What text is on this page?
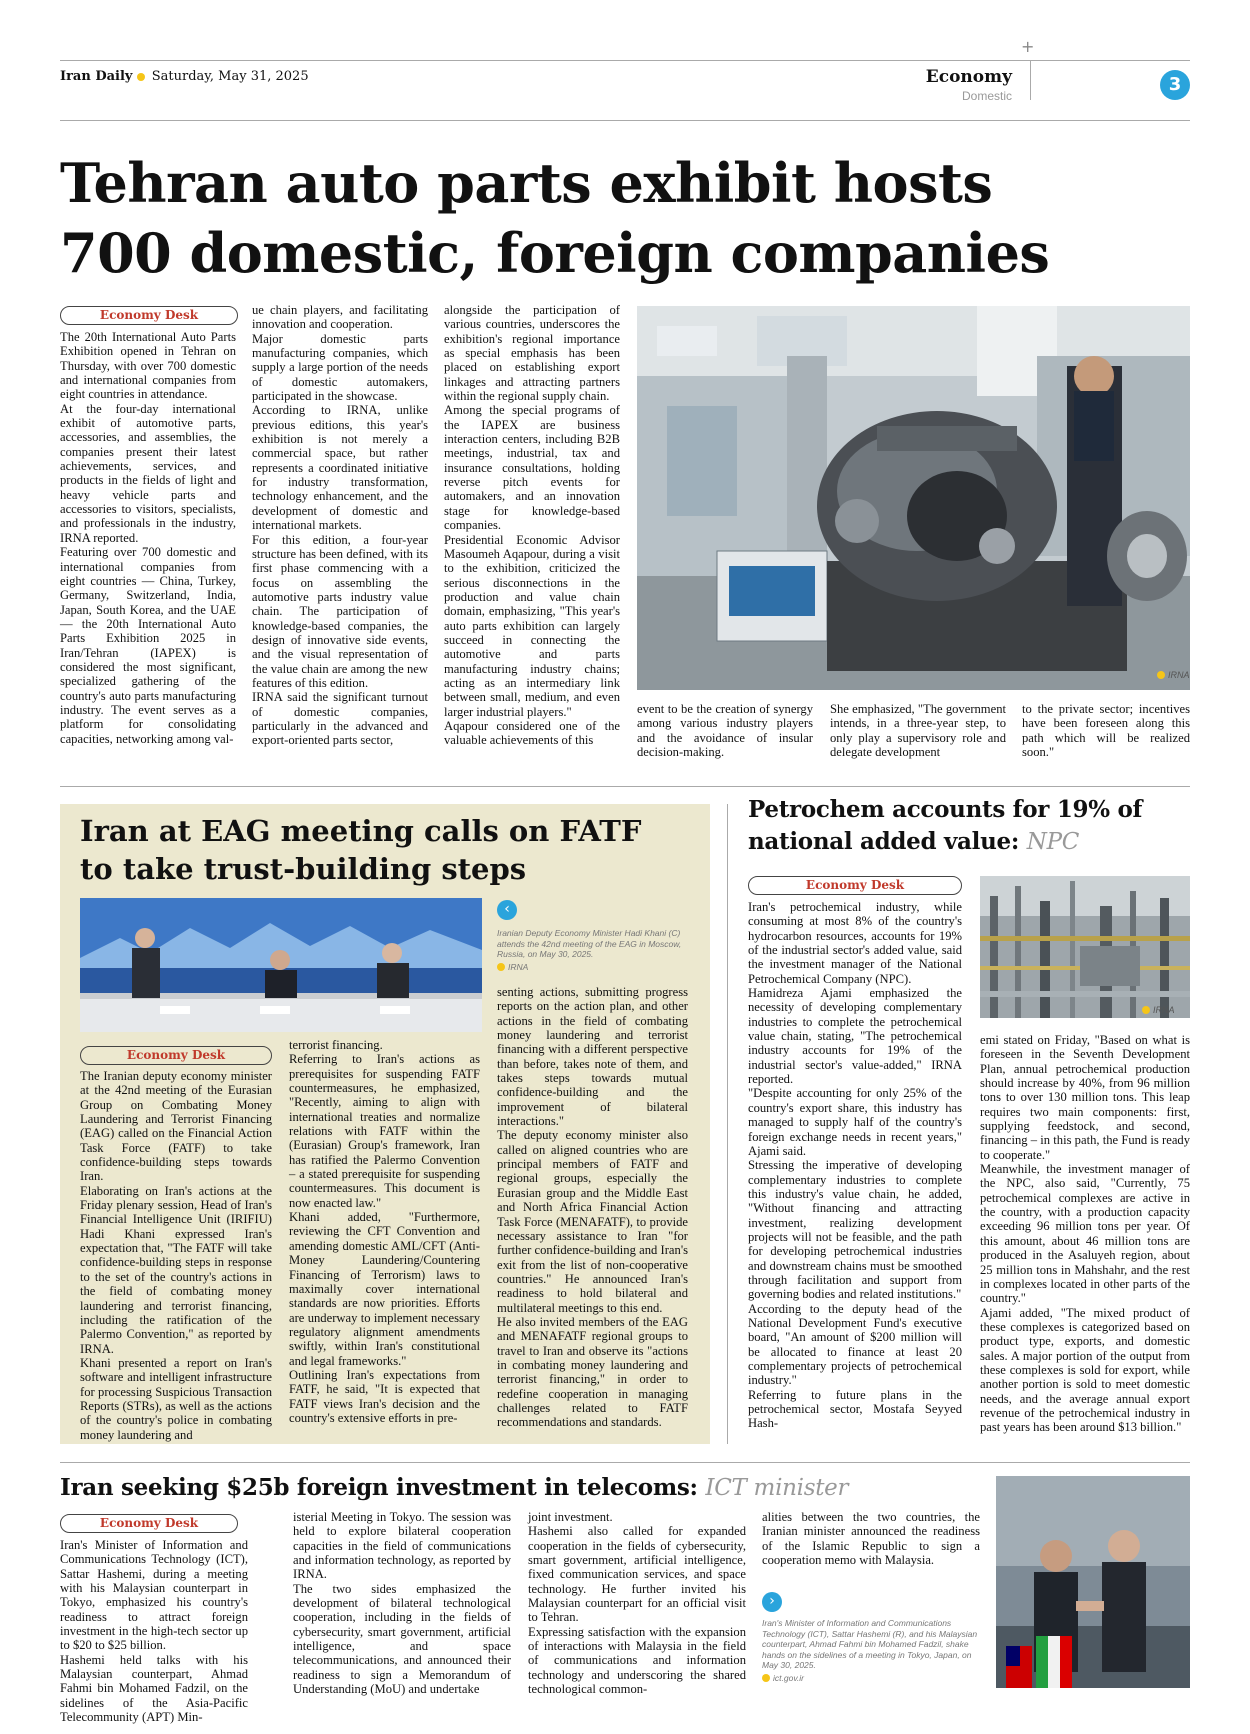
+
Iran Daily Saturday, May 31, 2025	Economy
Domestic
3
Tehran auto parts exhibit hosts
700 domestic, foreign companies
Economy Desk
The 20th International Auto Parts Exhibition opened in Tehran on Thursday, with over 700 domestic and international companies from eight countries in attendance.
At the four-day international exhibit of automotive parts, accessories, and assemblies, the companies present their latest achievements, services, and products in the fields of light and heavy vehicle parts and accessories to visitors, specialists, and professionals in the industry, IRNA reported.
Featuring over 700 domestic and international companies from eight countries — China, Turkey, Germany, Switzerland, India, Japan, South Korea, and the UAE — the 20th International Auto Parts Exhibition 2025 in Iran/Tehran (IAPEX) is considered the most significant, specialized gathering of the country's auto parts manufacturing industry. The event serves as a platform for consolidating capacities, networking among val-
ue chain players, and facilitating innovation and cooperation.
Major domestic parts manufacturing companies, which supply a large portion of the needs of domestic automakers, participated in the showcase.
According to IRNA, unlike previous editions, this year's exhibition is not merely a commercial space, but rather represents a coordinated initiative for industry transformation, technology enhancement, and the development of domestic and international markets.
For this edition, a four-year structure has been defined, with its first phase commencing with a focus on assembling the automotive parts industry value chain. The participation of knowledge-based companies, the design of innovative side events, and the visual representation of the value chain are among the new features of this edition.
IRNA said the significant turnout of domestic companies, particularly in the advanced and export-oriented parts sector,
alongside the participation of various countries, underscores the exhibition's regional importance as special emphasis has been placed on establishing export linkages and attracting partners within the regional supply chain.
Among the special programs of the IAPEX are business interaction centers, including B2B meetings, industrial, tax and insurance consultations, holding reverse pitch events for automakers, and an innovation stage for knowledge-based companies.
Presidential Economic Advisor Masoumeh Aqapour, during a visit to the exhibition, criticized the serious disconnections in the production and value chain domain, emphasizing, "This year's auto parts exhibition can largely succeed in connecting the automotive and parts manufacturing industry chains; acting as an intermediary link between small, medium, and even larger industrial players."
Aqapour considered one of the valuable achievements of this
IRNA
event to be the creation of synergy among various industry players and the avoidance of insular decision-making.
She emphasized, "The government intends, in a three-year step, to only play a supervisory role and delegate development
to the private sector; incentives have been foreseen along this path which will be realized soon."
Iran at EAG meeting calls on FATF
to take trust-building steps
‹
Iranian Deputy Economy Minister Hadi Khani (C) attends the 42nd meeting of the EAG in Moscow, Russia, on May 30, 2025.
IRNA
Economy Desk
The Iranian deputy economy minister at the 42nd meeting of the Eurasian Group on Combating Money Laundering and Terrorist Financing (EAG) called on the Financial Action Task Force (FATF) to take confidence-building steps towards Iran.
Elaborating on Iran's actions at the Friday plenary session, Head of Iran's Financial Intelligence Unit (IRIFIU) Hadi Khani expressed Iran's expectation that, "The FATF will take confidence-building steps in response to the set of the country's actions in the field of combating money laundering and terrorist financing, including the ratification of the Palermo Convention," as reported by IRNA.
Khani presented a report on Iran's software and intelligent infrastructure for processing Suspicious Transaction Reports (STRs), as well as the actions of the country's police in combating money laundering and
terrorist financing.
Referring to Iran's actions as prerequisites for suspending FATF countermeasures, he emphasized, "Recently, aiming to align with international treaties and normalize relations with FATF within the (Eurasian) Group's framework, Iran has ratified the Palermo Convention – a stated prerequisite for suspending countermeasures. This document is now enacted law."
Khani added, "Furthermore, reviewing the CFT Convention and amending domestic AML/CFT (Anti-Money Laundering/Countering Financing of Terrorism) laws to maximally cover international standards are now priorities. Efforts are underway to implement necessary regulatory alignment amendments swiftly, within Iran's constitutional and legal frameworks."
Outlining Iran's expectations from FATF, he said, "It is expected that FATF views Iran's decision and the country's extensive efforts in pre-
senting actions, submitting progress reports on the action plan, and other actions in the field of combating money laundering and terrorist financing with a different perspective than before, takes note of them, and takes steps towards mutual confidence-building and the improvement of bilateral interactions."
The deputy economy minister also called on aligned countries who are principal members of FATF and regional groups, especially the Eurasian group and the Middle East and North Africa Financial Action Task Force (MENAFATF), to provide necessary assistance to Iran "for further confidence-building and Iran's exit from the list of non-cooperative countries." He announced Iran's readiness to hold bilateral and multilateral meetings to this end.
He also invited members of the EAG and MENAFATF regional groups to travel to Iran and observe its "actions in combating money laundering and terrorist financing," in order to redefine cooperation in managing challenges related to FATF recommendations and standards.
Petrochem accounts for 19% of
national added value: NPC
Economy Desk
Iran's petrochemical industry, while consuming at most 8% of the country's hydrocarbon resources, accounts for 19% of the industrial sector's added value, said the investment manager of the National Petrochemical Company (NPC).
Hamidreza Ajami emphasized the necessity of developing complementary industries to complete the petrochemical value chain, stating, "The petrochemical industry accounts for 19% of the industrial sector's value-added," IRNA reported.
"Despite accounting for only 25% of the country's export share, this industry has managed to supply half of the country's foreign exchange needs in recent years," Ajami said.
Stressing the imperative of developing complementary industries to complete this industry's value chain, he added, "Without financing and attracting investment, realizing development projects will not be feasible, and the path for developing petrochemical industries and downstream chains must be smoothed through facilitation and support from governing bodies and related institutions."
According to the deputy head of the National Development Fund's executive board, "An amount of $200 million will be allocated to finance at least 20 complementary projects of petrochemical industry."
Referring to future plans in the petrochemical sector, Mostafa Seyyed Hash-
IRNA
emi stated on Friday, "Based on what is foreseen in the Seventh Development Plan, annual petrochemical production should increase by 40%, from 96 million tons to over 130 million tons. This leap requires two main components: first, supplying feedstock, and second, financing – in this path, the Fund is ready to cooperate."
Meanwhile, the investment manager of the NPC, also said, "Currently, 75 petrochemical complexes are active in the country, with a production capacity exceeding 96 million tons per year. Of this amount, about 46 million tons are produced in the Asaluyeh region, about 25 million tons in Mahshahr, and the rest in complexes located in other parts of the country."
Ajami added, "The mixed product of these complexes is categorized based on product type, exports, and domestic sales. A major portion of the output from these complexes is sold for export, while another portion is sold to meet domestic needs, and the average annual export revenue of the petrochemical industry in past years has been around $13 billion."
Iran seeking $25b foreign investment in telecoms: ICT minister
Economy Desk
Iran's Minister of Information and Communications Technology (ICT), Sattar Hashemi, during a meeting with his Malaysian counterpart in Tokyo, emphasized his country's readiness to attract foreign investment in the high-tech sector up to $20 to $25 billion.
Hashemi held talks with his Malaysian counterpart, Ahmad Fahmi bin Mohamed Fadzil, on the sidelines of the Asia-Pacific Telecommunity (APT) Min-
isterial Meeting in Tokyo. The session was held to explore bilateral cooperation capacities in the field of communications and information technology, as reported by IRNA.
The two sides emphasized the development of bilateral technological cooperation, including in the fields of cybersecurity, smart government, artificial intelligence, and space telecommunications, and announced their readiness to sign a Memorandum of Understanding (MoU) and undertake
joint investment.
Hashemi also called for expanded cooperation in the fields of cybersecurity, smart government, artificial intelligence, fixed communication services, and space technology. He further invited his Malaysian counterpart for an official visit to Tehran.
Expressing satisfaction with the expansion of interactions with Malaysia in the field of communications and information technology and underscoring the shared technological common-
alities between the two countries, the Iranian minister announced the readiness of the Islamic Republic to sign a cooperation memo with Malaysia.
›
Iran's Minister of Information and Communications Technology (ICT), Sattar Hashemi (R), and his Malaysian counterpart, Ahmad Fahmi bin Mohamed Fadzil, shake hands on the sidelines of a meeting in Tokyo, Japan, on May 30, 2025.
ict.gov.ir
